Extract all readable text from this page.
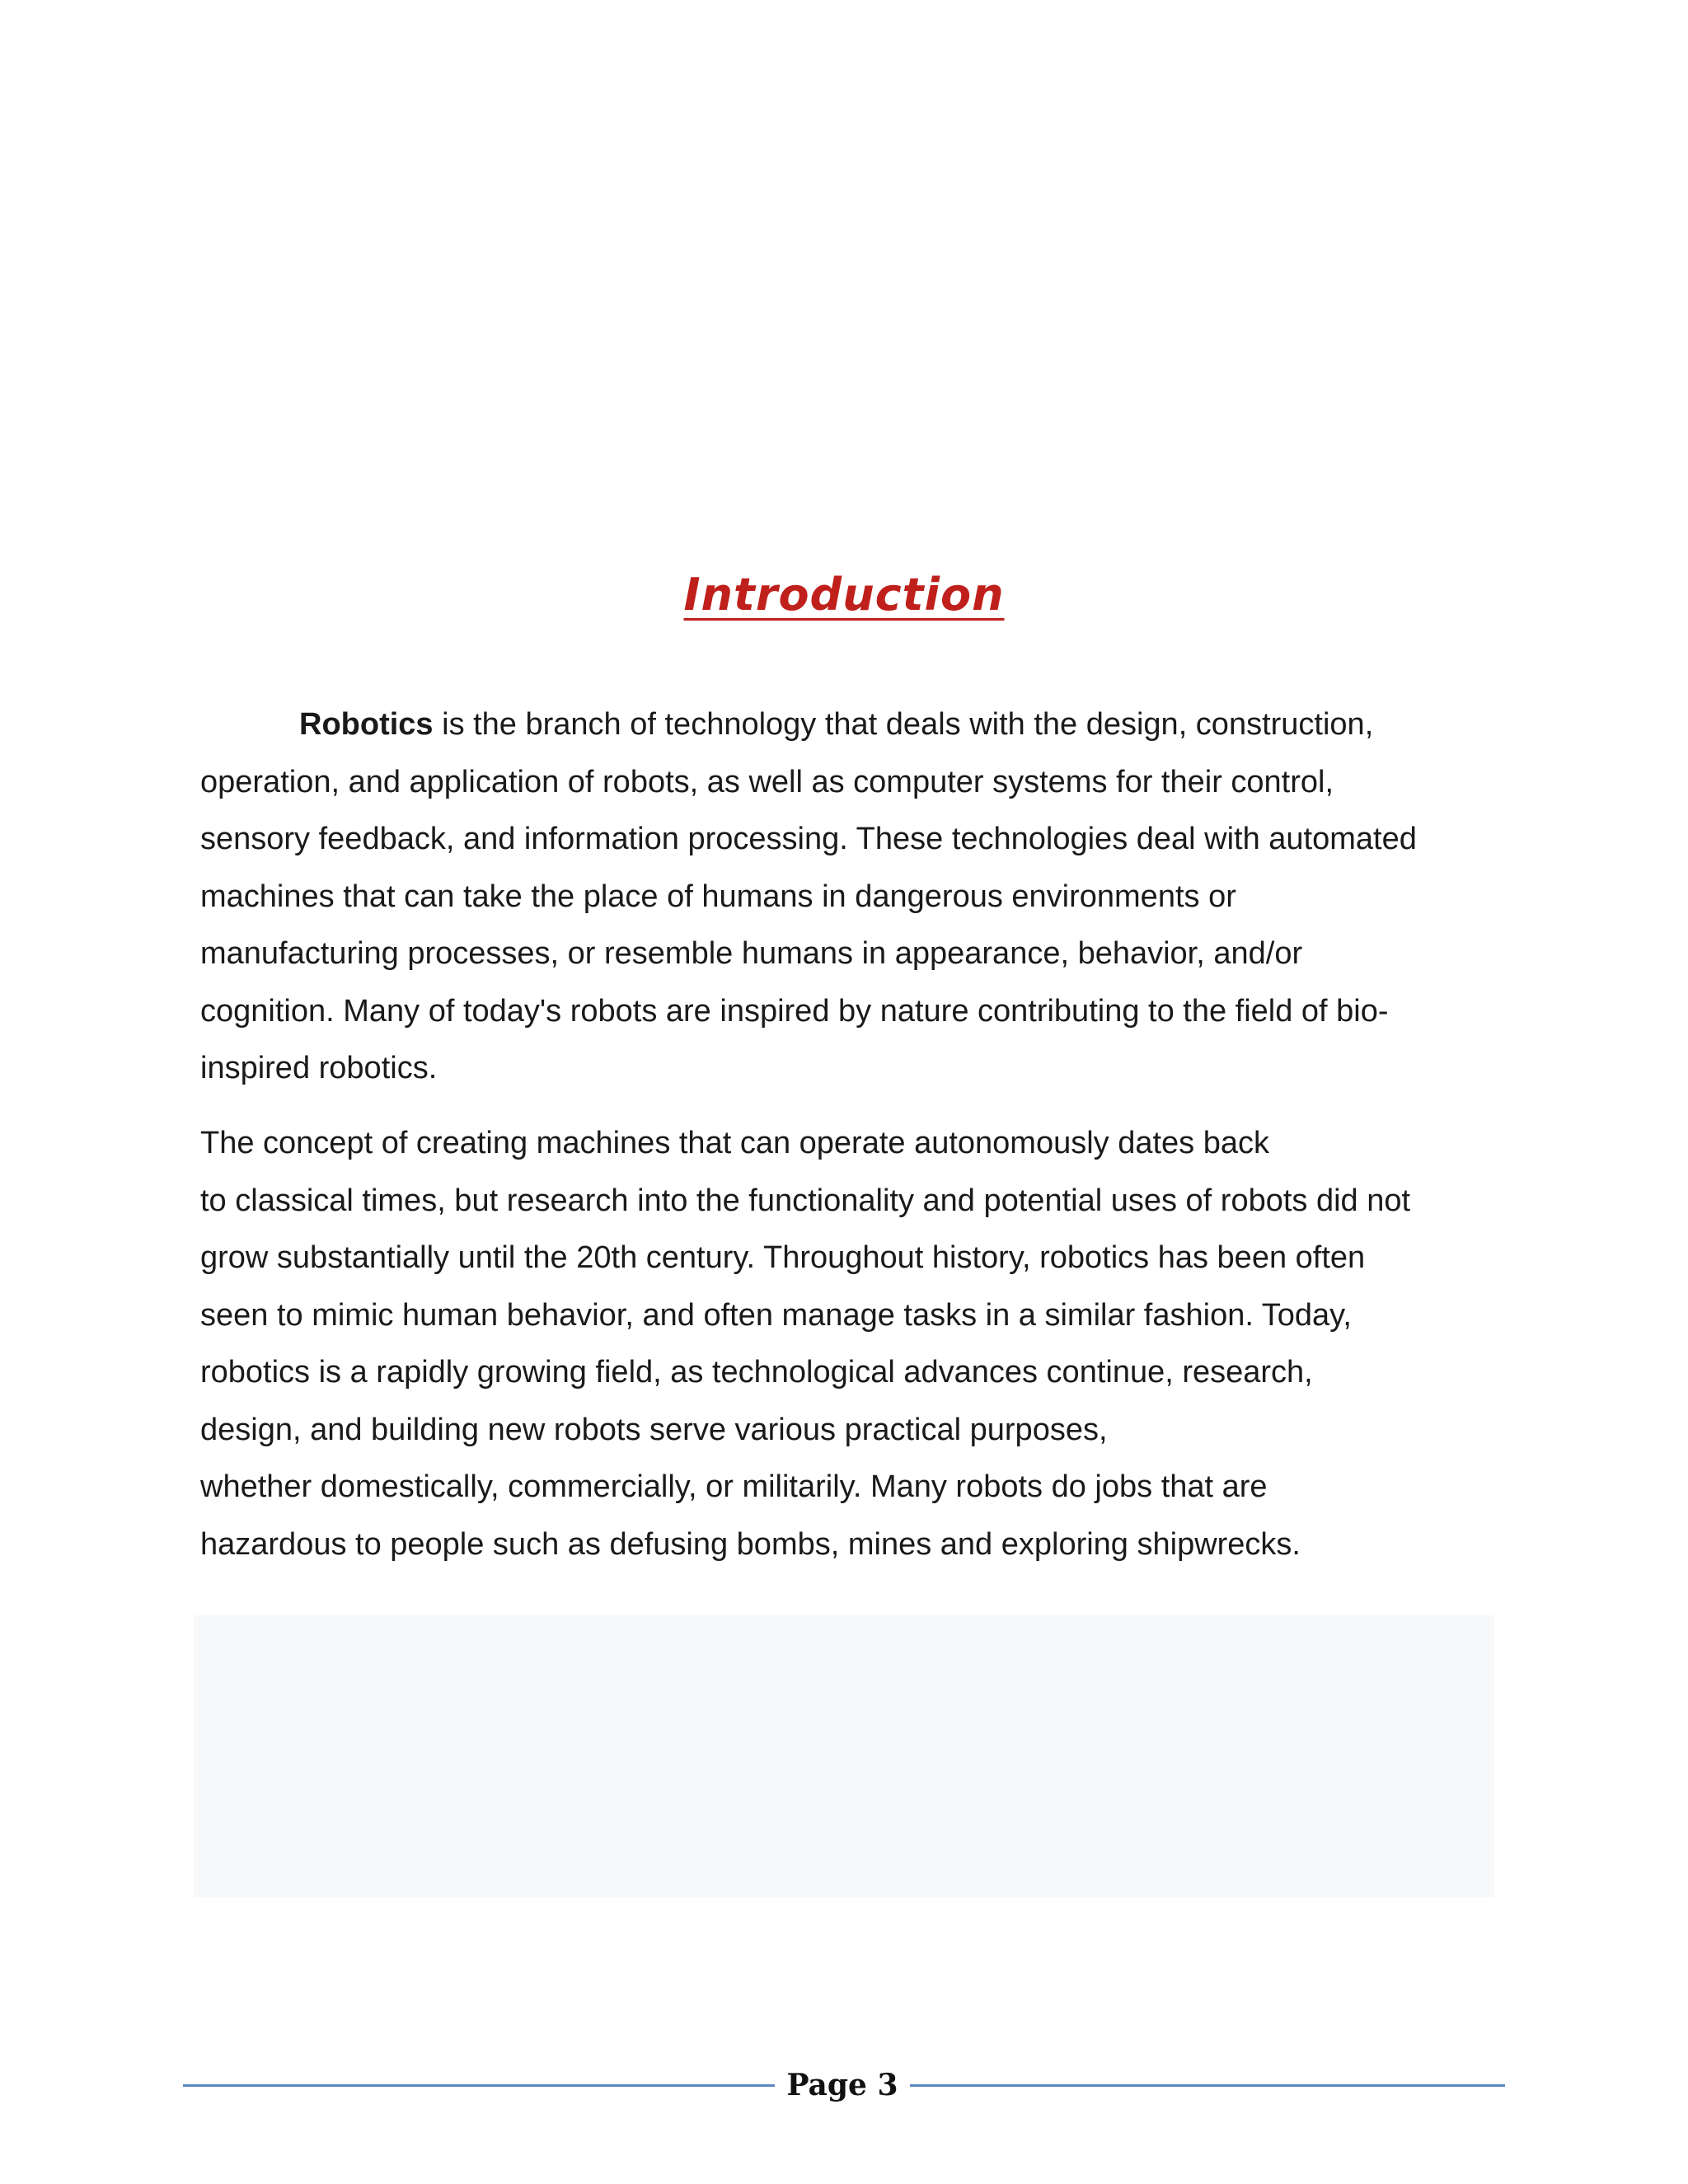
Introduction
Robotics is the branch of technology that deals with the design, construction,
operation, and application of robots, as well as computer systems for their control,
sensory feedback, and information processing. These technologies deal with automated
machines that can take the place of humans in dangerous environments or
manufacturing processes, or resemble humans in appearance, behavior, and/or
cognition. Many of today's robots are inspired by nature contributing to the field of bio-
inspired robotics.
The concept of creating machines that can operate autonomously dates back
to classical times, but research into the functionality and potential uses of robots did not
grow substantially until the 20th century. Throughout history, robotics has been often
seen to mimic human behavior, and often manage tasks in a similar fashion. Today,
robotics is a rapidly growing field, as technological advances continue, research,
design, and building new robots serve various practical purposes,
whether domestically, commercially, or militarily. Many robots do jobs that are
hazardous to people such as defusing bombs, mines and exploring shipwrecks.
Page 3
